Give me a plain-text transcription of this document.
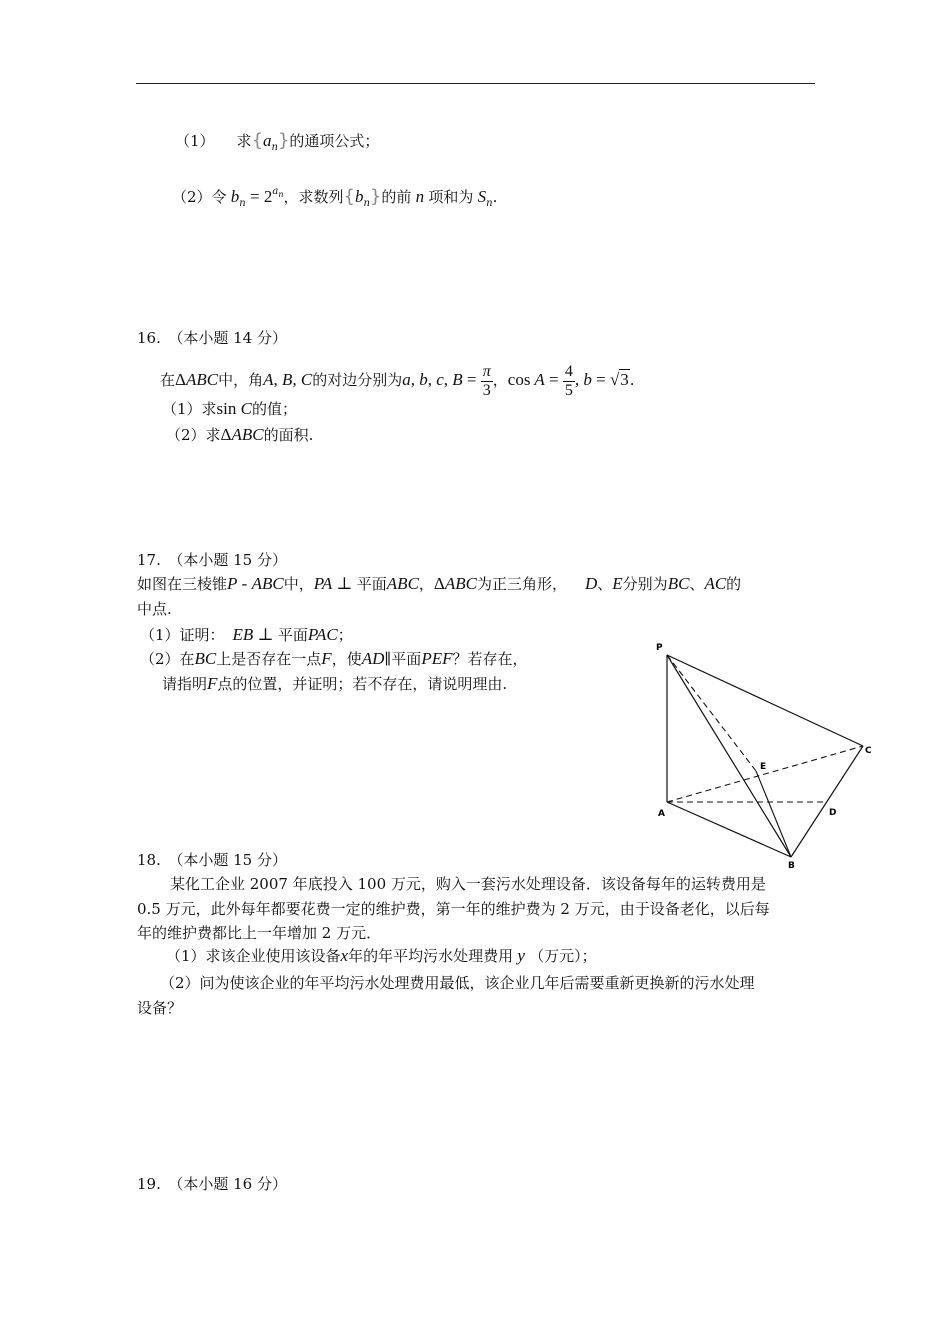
（1） 求$\{a_n\}$的通项公式；
（2）令 $b_n = 2^{a_n}$，求数列$\{b_n\}$的前 n 项和为 $S_n$.
16.　（本小题 14 分）
在ΔABC中，角A, B, C的对边分别为a, b, c, $B = \frac{\pi}{3}$ ，$\cos A = \frac{4}{5}$ , b = √3.
（1）求sin C的值；
（2）求ΔABC的面积.
17.　（本小题 15 分）
如图在三棱锥P - ABC中，PA ⊥ 平面ABC，ΔABC为正三角形， D、E分别为BC、AC的
中点.
（1）证明： EB ⊥ 平面PAC；
（2）在BC上是否存在一点F，使AD∥平面PEF？若存在，
请指明F点的位置，并证明；若不存在，请说明理由.
P
A
B
C
D
E
18.　（本小题 15 分）
某化工企业 2007 年底投入 100 万元，购入一套污水处理设备．该设备每年的运转费用是
0.5 万元，此外每年都要花费一定的维护费，第一年的维护费为 2 万元，由于设备老化，以后每
年的维护费都比上一年增加 2 万元．
（1）求该企业使用该设备x年的年平均污水处理费用 y （万元）；
（2）问为使该企业的年平均污水处理费用最低，该企业几年后需要重新更换新的污水处理
设备？
19.　（本小题 16 分）
